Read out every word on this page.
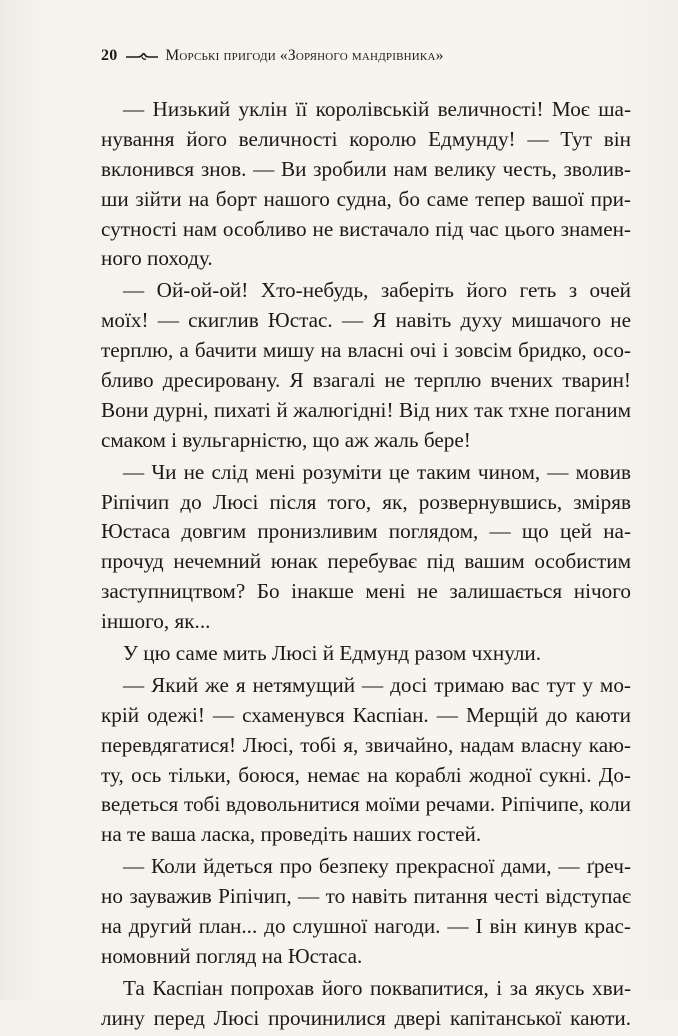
20	Морські пригоди «Зоряного мандрівника»
— Низький уклін її королівській величності! Моє ша-
нування його величності королю Едмунду! — Тут він
вклонився знов. — Ви зробили нам велику честь, зволив-
ши зійти на борт нашого судна, бо саме тепер вашої при-
сутності нам особливо не вистачало під час цього знамен-
ного походу.
— Ой-ой-ой! Хто-небудь, заберіть його геть з очей
моїх! — скиглив Юстас. — Я навіть духу мишачого не
терплю, а бачити мишу на власні очі і зовсім бридко, осо-
бливо дресировану. Я взагалі не терплю вчених тварин!
Вони дурні, пихаті й жалюгідні! Від них так тхне поганим
смаком і вульгарністю, що аж жаль бере!
— Чи не слід мені розуміти це таким чином, — мовив
Ріпічип до Люсі після того, як, розвернувшись, зміряв
Юстаса довгим пронизливим поглядом, — що цей на-
прочуд нечемний юнак перебуває під вашим особистим
заступництвом? Бо інакше мені не залишається нічого
іншого, як...
У цю саме мить Люсі й Едмунд разом чхнули.
— Який же я нетямущий — досі тримаю вас тут у мо-
крій одежі! — схаменувся Каспіан. — Мерщій до каюти
перевдягатися! Люсі, тобі я, звичайно, надам власну каю-
ту, ось тільки, боюся, немає на кораблі жодної сукні. До-
ведеться тобі вдовольнитися моїми речами. Ріпічипе, коли
на те ваша ласка, проведіть наших гостей.
— Коли йдеться про безпеку прекрасної дами, — ґреч-
но зауважив Ріпічип, — то навіть питання честі відступає
на другий план... до слушної нагоди. — І він кинув крас-
номовний погляд на Юстаса.
Та Каспіан попрохав його поквапитися, і за якусь хви-
лину перед Люсі прочинилися двері капітанської каюти.
